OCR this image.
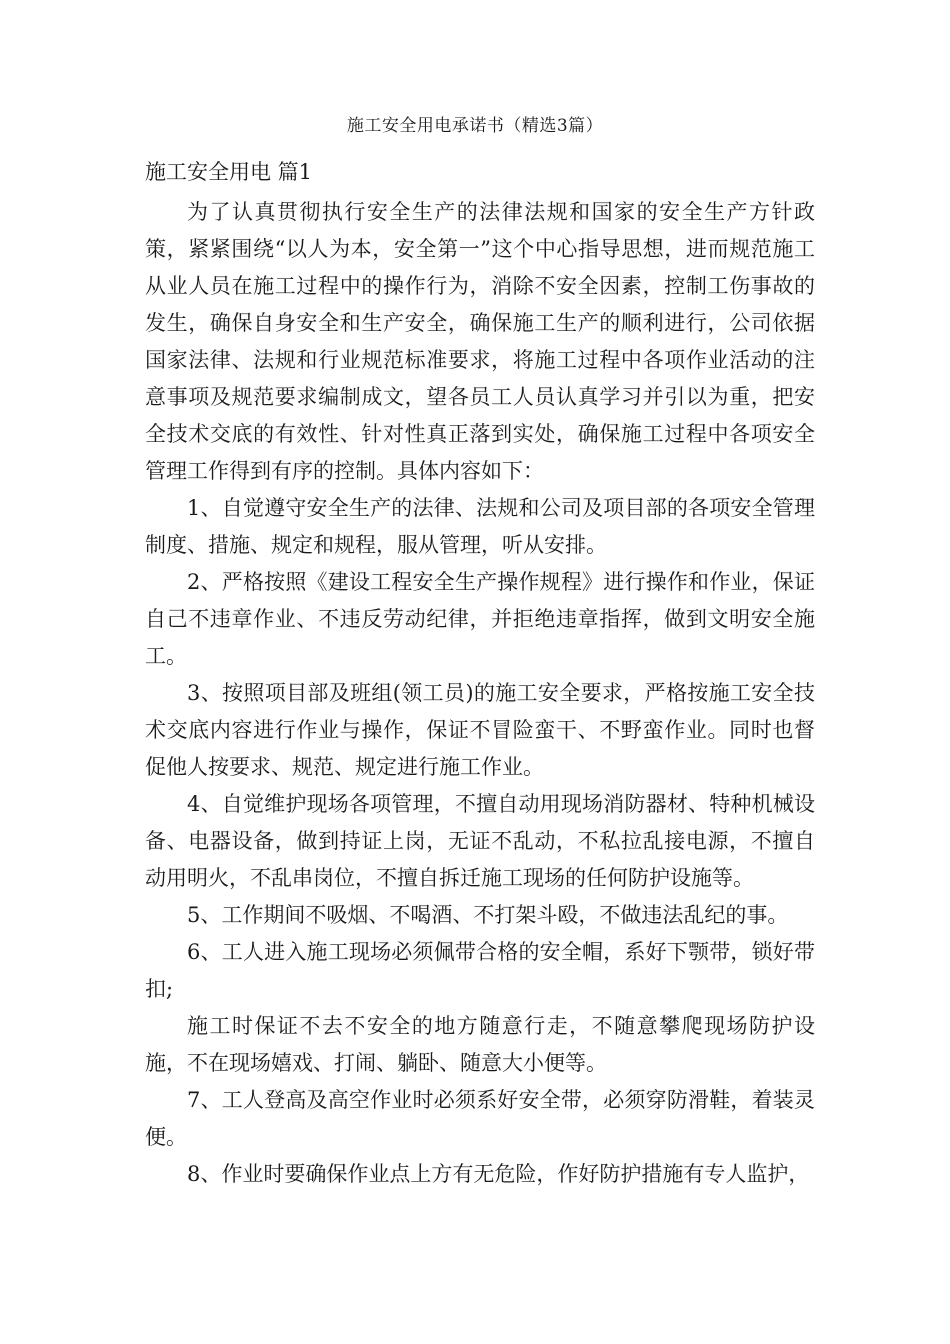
施工安全用电承诺书（精选3篇）
施工安全用电 篇1

为了认真贯彻执行安全生产的法律法规和国家的安全生产方针政策，紧紧围绕“以人为本，安全第一”这个中心指导思想，进而规范施工从业人员在施工过程中的操作行为，消除不安全因素，控制工伤事故的发生，确保自身安全和生产安全，确保施工生产的顺利进行，公司依据国家法律、法规和行业规范标准要求，将施工过程中各项作业活动的注意事项及规范要求编制成文，望各员工人员认真学习并引以为重，把安全技术交底的有效性、针对性真正落到实处，确保施工过程中各项安全管理工作得到有序的控制。具体内容如下：

1、自觉遵守安全生产的法律、法规和公司及项目部的各项安全管理制度、措施、规定和规程，服从管理，听从安排。

2、严格按照《建设工程安全生产操作规程》进行操作和作业，保证自己不违章作业、不违反劳动纪律，并拒绝违章指挥，做到文明安全施工。

3、按照项目部及班组(领工员)的施工安全要求，严格按施工安全技术交底内容进行作业与操作，保证不冒险蛮干、不野蛮作业。同时也督促他人按要求、规范、规定进行施工作业。

4、自觉维护现场各项管理，不擅自动用现场消防器材、特种机械设备、电器设备，做到持证上岗，无证不乱动，不私拉乱接电源，不擅自动用明火，不乱串岗位，不擅自拆迁施工现场的任何防护设施等。

5、工作期间不吸烟、不喝酒、不打架斗殴，不做违法乱纪的事。

6、工人进入施工现场必须佩带合格的安全帽，系好下颚带，锁好带扣;

施工时保证不去不安全的地方随意行走，不随意攀爬现场防护设施，不在现场嬉戏、打闹、躺卧、随意大小便等。

7、工人登高及高空作业时必须系好安全带，必须穿防滑鞋，着装灵便。

8、作业时要确保作业点上方有无危险，作好防护措施有专人监护，
